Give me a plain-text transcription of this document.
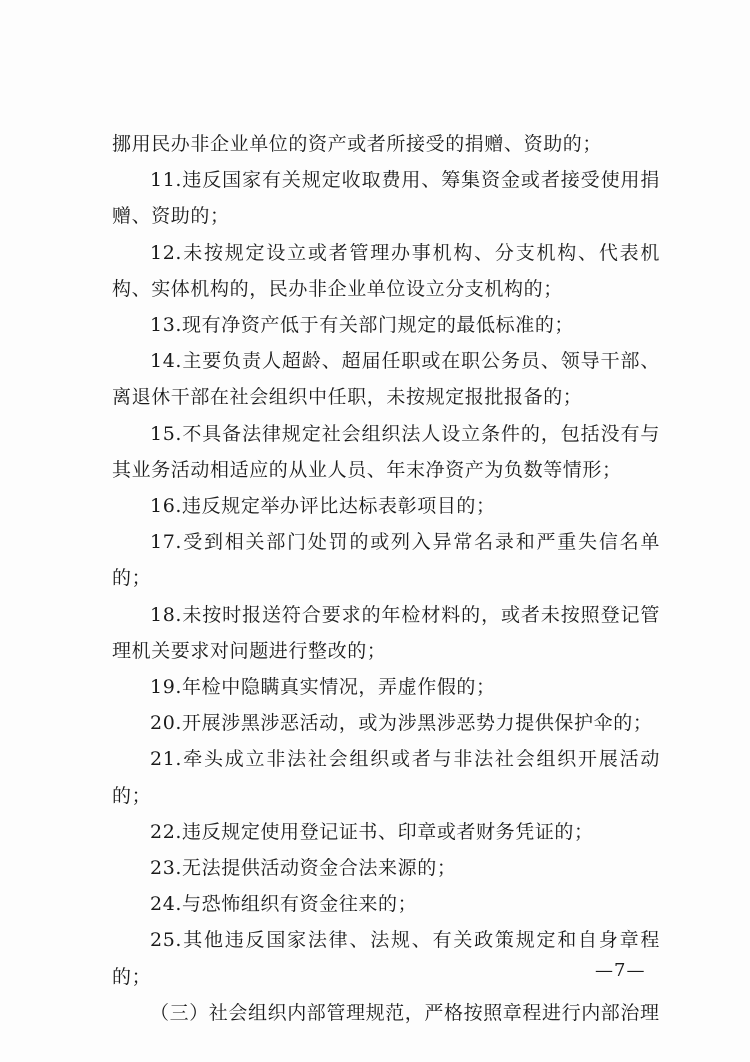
挪用民办非企业单位的资产或者所接受的捐赠、资助的；

11.违反国家有关规定收取费用、筹集资金或者接受使用捐赠、资助的；

12.未按规定设立或者管理办事机构、分支机构、代表机构、实体机构的，民办非企业单位设立分支机构的；

13.现有净资产低于有关部门规定的最低标准的；

14.主要负责人超龄、超届任职或在职公务员、领导干部、离退休干部在社会组织中任职，未按规定报批报备的；

15.不具备法律规定社会组织法人设立条件的，包括没有与其业务活动相适应的从业人员、年末净资产为负数等情形；

16.违反规定举办评比达标表彰项目的；

17.受到相关部门处罚的或列入异常名录和严重失信名单的；

18.未按时报送符合要求的年检材料的，或者未按照登记管理机关要求对问题进行整改的；

19.年检中隐瞒真实情况，弄虚作假的；

20.开展涉黑涉恶活动，或为涉黑涉恶势力提供保护伞的；

21.牵头成立非法社会组织或者与非法社会组织开展活动的；

22.违反规定使用登记证书、印章或者财务凭证的；

23.无法提供活动资金合法来源的；

24.与恐怖组织有资金往来的；

25.其他违反国家法律、法规、有关政策规定和自身章程的；

（三）社会组织内部管理规范，严格按照章程进行内部治理

—7—
